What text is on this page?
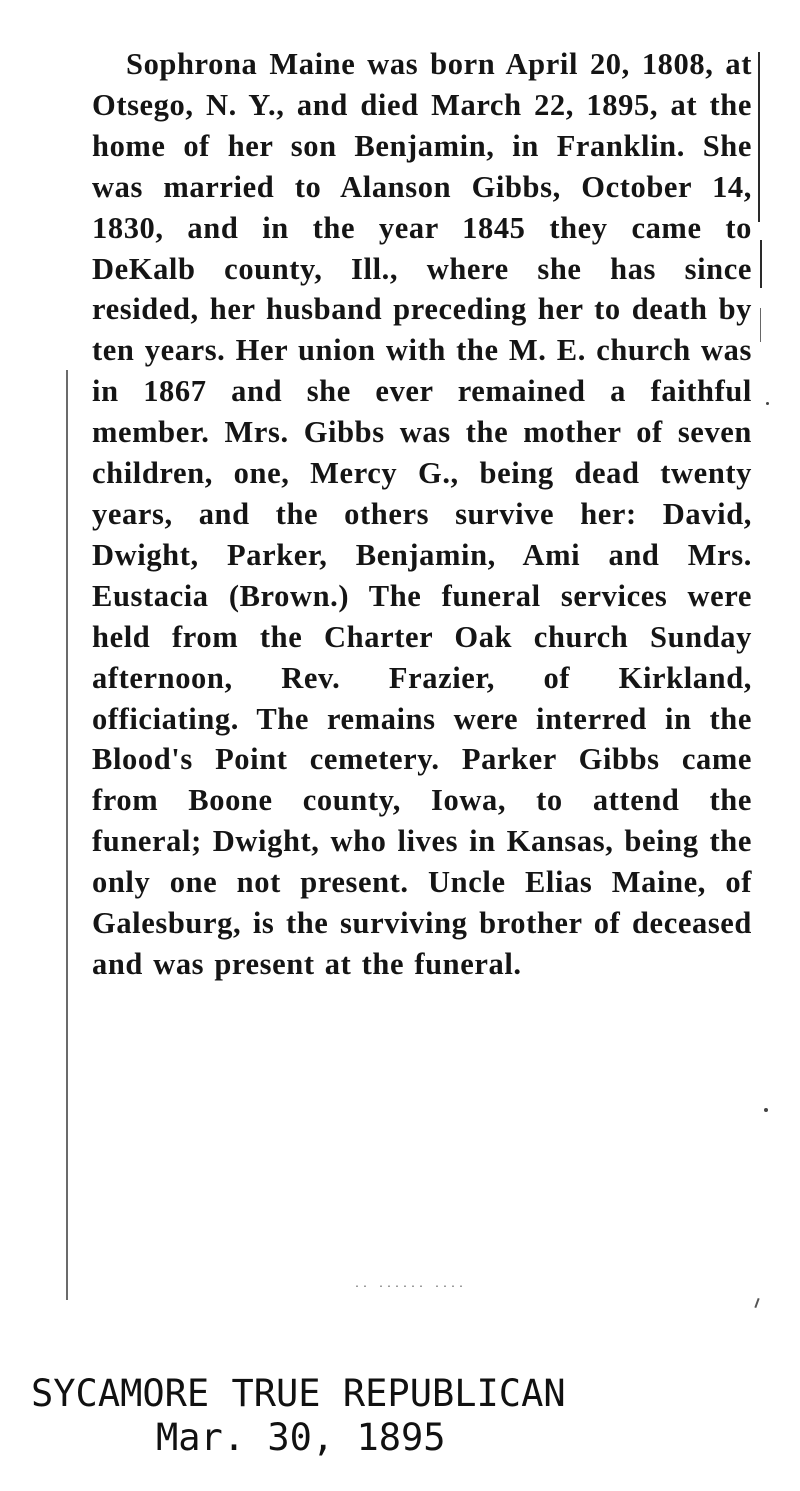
Sophrona Maine was born April 20, 1808, at Otsego, N. Y., and died March 22, 1895, at the home of her son Benjamin, in Franklin. She was married to Alanson Gibbs, October 14, 1830, and in the year 1845 they came to DeKalb county, Ill., where she has since resided, her husband preceding her to death by ten years. Her union with the M. E. church was in 1867 and she ever remained a faithful member. Mrs. Gibbs was the mother of seven children, one, Mercy G., being dead twenty years, and the others survive her: David, Dwight, Parker, Benjamin, Ami and Mrs. Eustacia (Brown.) The funeral services were held from the Charter Oak church Sunday afternoon, Rev. Frazier, of Kirkland, officiating. The remains were interred in the Blood's Point cemetery. Parker Gibbs came from Boone county, Iowa, to attend the funeral; Dwight, who lives in Kansas, being the only one not present. Uncle Elias Maine, of Galesburg, is the surviving brother of deceased and was present at the funeral.

·· ······ ····

SYCAMORE TRUE REPUBLICAN

Mar. 30, 1895
